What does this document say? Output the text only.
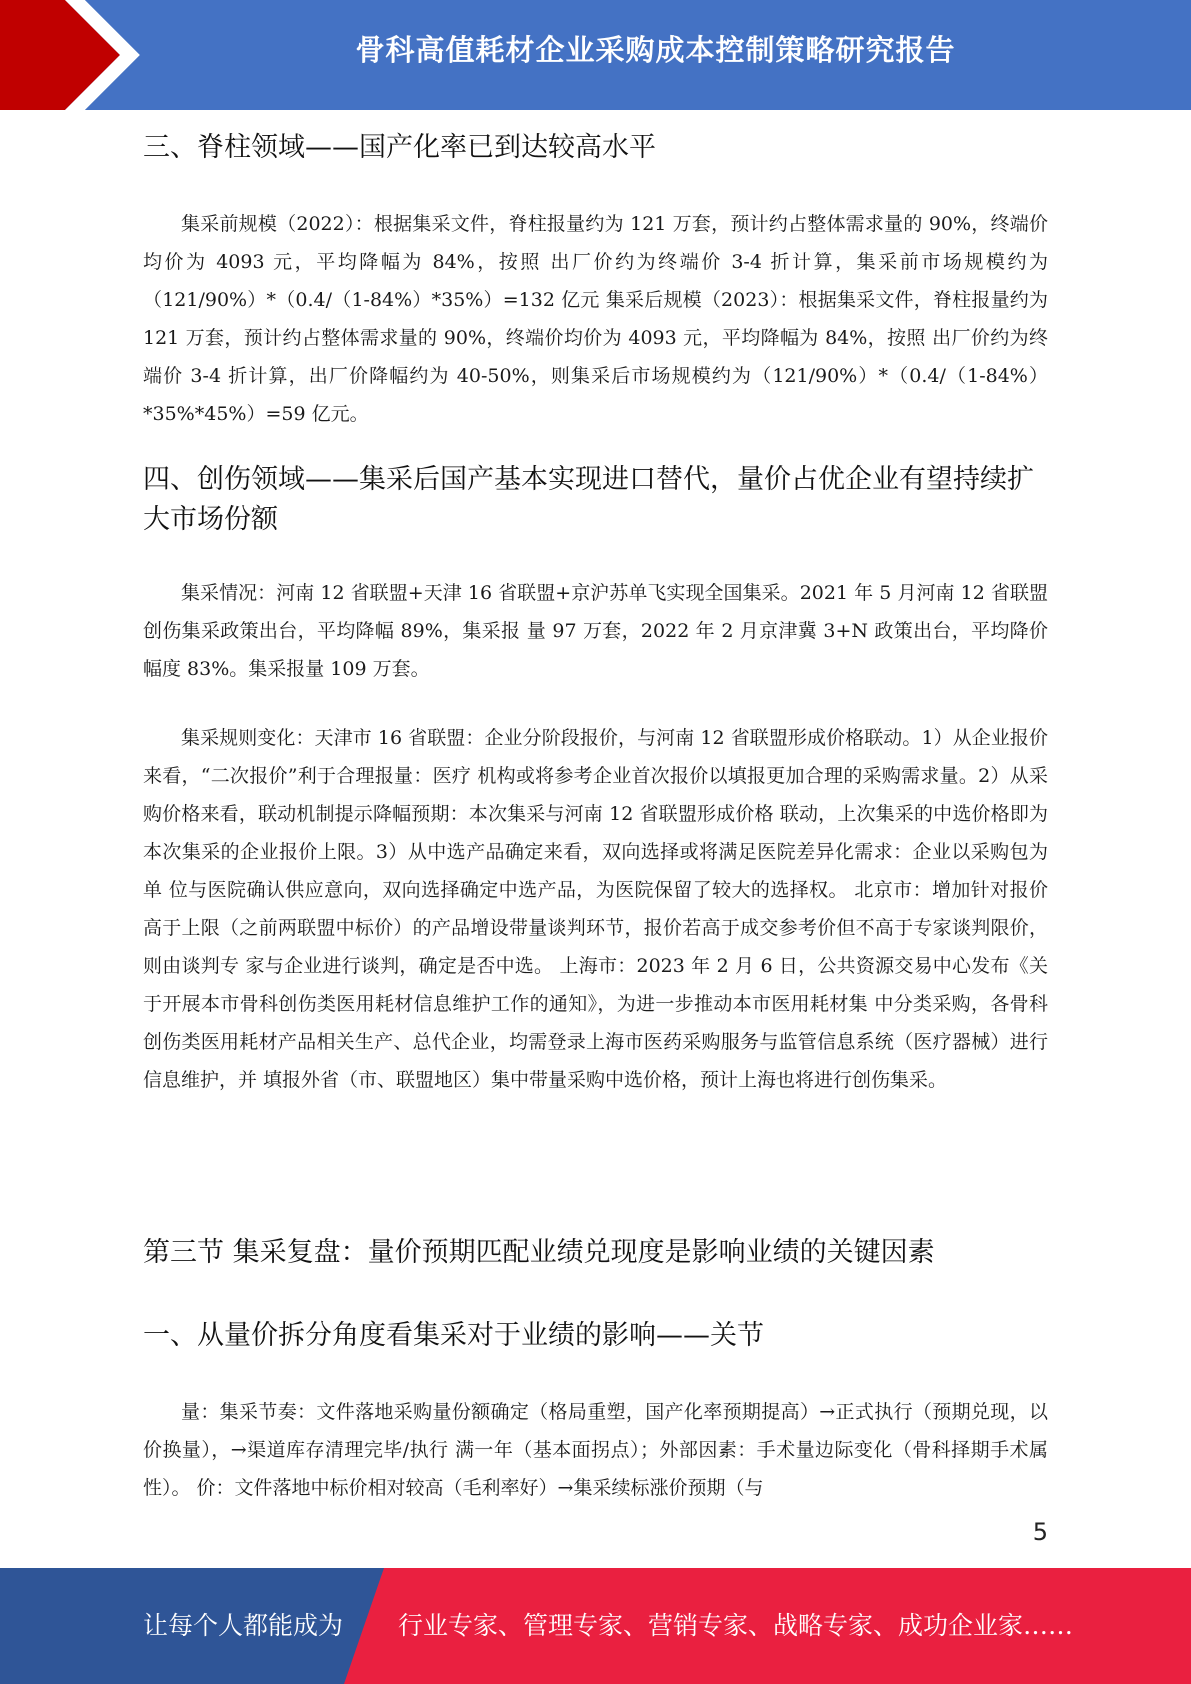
骨科高值耗材企业采购成本控制策略研究报告
三、脊柱领域——国产化率已到达较高水平

集采前规模（2022）：根据集采文件，脊柱报量约为 121 万套，预计约占整体需求量的 90%，终端价均价为 4093 元，平均降幅为 84%，按照 出厂价约为终端价 3-4 折计算，集采前市场规模约为（121/90%）*（0.4/（1-84%）*35%）=132 亿元 集采后规模（2023）：根据集采文件，脊柱报量约为 121 万套，预计约占整体需求量的 90%，终端价均价为 4093 元，平均降幅为 84%，按照 出厂价约为终端价 3-4 折计算，出厂价降幅约为 40-50%，则集采后市场规模约为（121/90%）*（0.4/（1-84%）*35%*45%）=59 亿元。

四、创伤领域——集采后国产基本实现进口替代，量价占优企业有望持续扩大市场份额

集采情况：河南 12 省联盟+天津 16 省联盟+京沪苏单飞实现全国集采。2021 年 5 月河南 12 省联盟创伤集采政策出台，平均降幅 89%，集采报 量 97 万套，2022 年 2 月京津冀 3+N 政策出台，平均降价幅度 83%。集采报量 109 万套。

集采规则变化：天津市 16 省联盟：企业分阶段报价，与河南 12 省联盟形成价格联动。1）从企业报价来看，“二次报价”利于合理报量：医疗 机构或将参考企业首次报价以填报更加合理的采购需求量。2）从采购价格来看，联动机制提示降幅预期：本次集采与河南 12 省联盟形成价格 联动，上次集采的中选价格即为本次集采的企业报价上限。3）从中选产品确定来看，双向选择或将满足医院差异化需求：企业以采购包为单 位与医院确认供应意向，双向选择确定中选产品，为医院保留了较大的选择权。 北京市：增加针对报价高于上限（之前两联盟中标价）的产品增设带量谈判环节，报价若高于成交参考价但不高于专家谈判限价，则由谈判专 家与企业进行谈判，确定是否中选。 上海市：2023 年 2 月 6 日，公共资源交易中心发布《关于开展本市骨科创伤类医用耗材信息维护工作的通知》，为进一步推动本市医用耗材集 中分类采购，各骨科创伤类医用耗材产品相关生产、总代企业，均需登录上海市医药采购服务与监管信息系统（医疗器械）进行信息维护，并 填报外省（市、联盟地区）集中带量采购中选价格，预计上海也将进行创伤集采。

第三节 集采复盘：量价预期匹配业绩兑现度是影响业绩的关键因素
一、从量价拆分角度看集采对于业绩的影响——关节

量：集采节奏：文件落地采购量份额确定（格局重塑，国产化率预期提高）→正式执行（预期兑现，以价换量），→渠道库存清理完毕/执行 满一年（基本面拐点）；外部因素：手术量边际变化（骨科择期手术属性）。 价：文件落地中标价相对较高（毛利率好）→集采续标涨价预期（与

5
让每个人都能成为 行业专家、管理专家、营销专家、战略专家、成功企业家……
